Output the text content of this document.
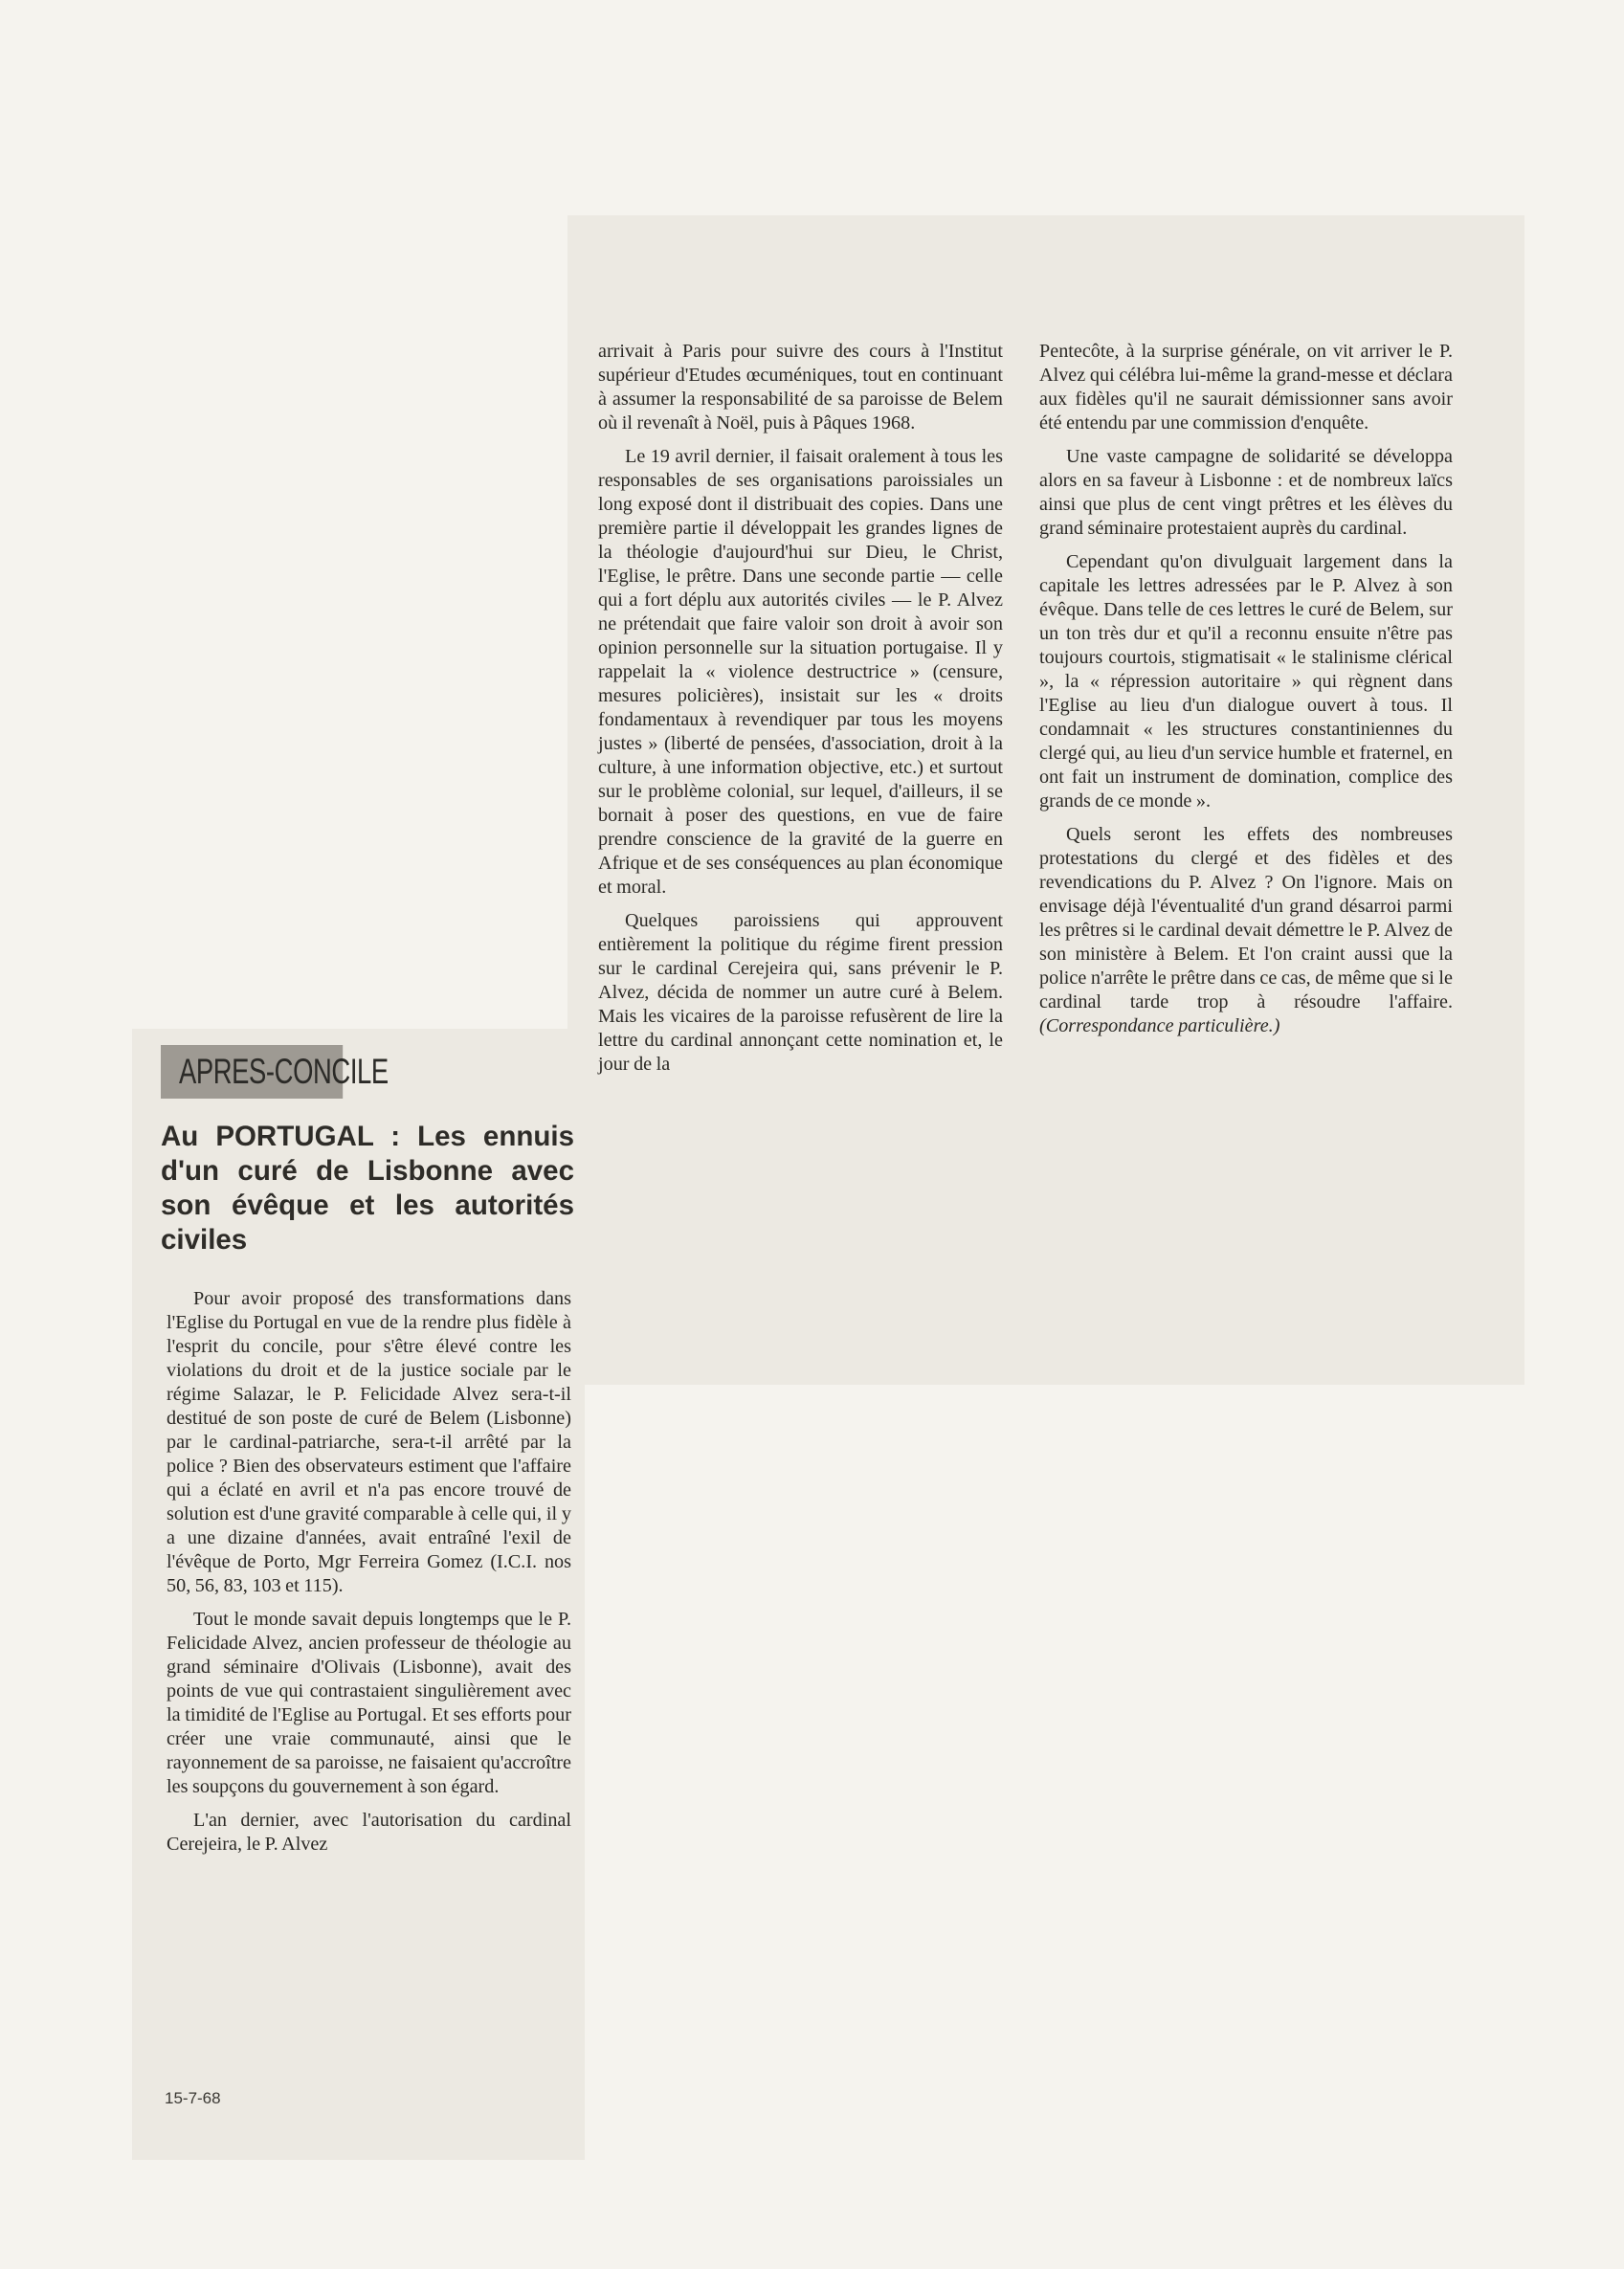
APRES-CONCILE
Au PORTUGAL : Les ennuis d'un curé de Lisbonne avec son évêque et les autorités civiles

Pour avoir proposé des transformations dans l'Eglise du Portugal en vue de la rendre plus fidèle à l'esprit du concile, pour s'être élevé contre les violations du droit et de la justice sociale par le régime Salazar, le P. Felicidade Alvez sera-t-il destitué de son poste de curé de Belem (Lisbonne) par le cardinal-patriarche, sera-t-il arrêté par la police ? Bien des observateurs estiment que l'affaire qui a éclaté en avril et n'a pas encore trouvé de solution est d'une gravité comparable à celle qui, il y a une dizaine d'années, avait entraîné l'exil de l'évêque de Porto, Mgr Ferreira Gomez (I.C.I. nos 50, 56, 83, 103 et 115).

Tout le monde savait depuis longtemps que le P. Felicidade Alvez, ancien professeur de théologie au grand séminaire d'Olivais (Lisbonne), avait des points de vue qui contrastaient singulièrement avec la timidité de l'Eglise au Portugal. Et ses efforts pour créer une vraie communauté, ainsi que le rayonnement de sa paroisse, ne faisaient qu'accroître les soupçons du gouvernement à son égard.

L'an dernier, avec l'autorisation du cardinal Cerejeira, le P. Alvez

arrivait à Paris pour suivre des cours à l'Institut supérieur d'Etudes œcuméniques, tout en continuant à assumer la responsabilité de sa paroisse de Belem où il revenaît à Noël, puis à Pâques 1968.

Le 19 avril dernier, il faisait oralement à tous les responsables de ses organisations paroissiales un long exposé dont il distribuait des copies. Dans une première partie il développait les grandes lignes de la théologie d'aujourd'hui sur Dieu, le Christ, l'Eglise, le prêtre. Dans une seconde partie — celle qui a fort déplu aux autorités civiles — le P. Alvez ne prétendait que faire valoir son droit à avoir son opinion personnelle sur la situation portugaise. Il y rappelait la « violence destructrice » (censure, mesures policières), insistait sur les « droits fondamentaux à revendiquer par tous les moyens justes » (liberté de pensées, d'association, droit à la culture, à une information objective, etc.) et surtout sur le problème colonial, sur lequel, d'ailleurs, il se bornait à poser des questions, en vue de faire prendre conscience de la gravité de la guerre en Afrique et de ses conséquences au plan économique et moral.

Quelques paroissiens qui approuvent entièrement la politique du régime firent pression sur le cardinal Cerejeira qui, sans prévenir le P. Alvez, décida de nommer un autre curé à Belem. Mais les vicaires de la paroisse refusèrent de lire la lettre du cardinal annonçant cette nomination et, le jour de la

Pentecôte, à la surprise générale, on vit arriver le P. Alvez qui célébra lui-même la grand-messe et déclara aux fidèles qu'il ne saurait démissionner sans avoir été entendu par une commission d'enquête.

Une vaste campagne de solidarité se développa alors en sa faveur à Lisbonne : et de nombreux laïcs ainsi que plus de cent vingt prêtres et les élèves du grand séminaire protestaient auprès du cardinal.

Cependant qu'on divulguait largement dans la capitale les lettres adressées par le P. Alvez à son évêque. Dans telle de ces lettres le curé de Belem, sur un ton très dur et qu'il a reconnu ensuite n'être pas toujours courtois, stigmatisait « le stalinisme clérical », la « répression autoritaire » qui règnent dans l'Eglise au lieu d'un dialogue ouvert à tous. Il condamnait « les structures constantiniennes du clergé qui, au lieu d'un service humble et fraternel, en ont fait un instrument de domination, complice des grands de ce monde ».

Quels seront les effets des nombreuses protestations du clergé et des fidèles et des revendications du P. Alvez ? On l'ignore. Mais on envisage déjà l'éventualité d'un grand désarroi parmi les prêtres si le cardinal devait démettre le P. Alvez de son ministère à Belem. Et l'on craint aussi que la police n'arrête le prêtre dans ce cas, de même que si le cardinal tarde trop à résoudre l'affaire. (Correspondance particulière.)

15-7-68
